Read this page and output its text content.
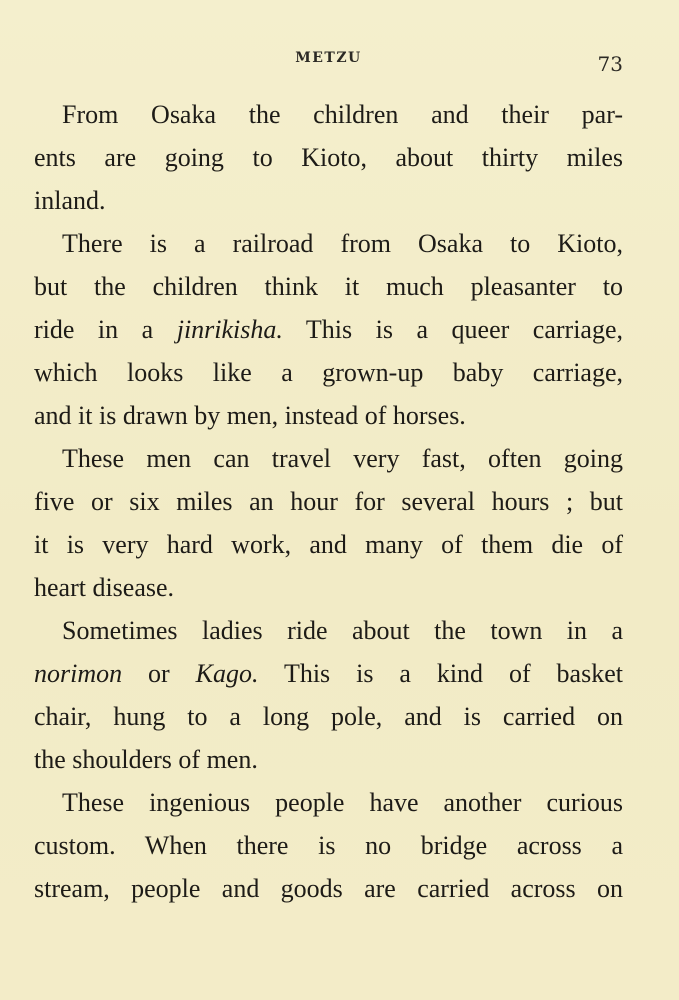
METZU	73
From Osaka the children and their par-
ents are going to Kioto, about thirty miles
inland.
There is a railroad from Osaka to Kioto,
but the children think it much pleasanter to
ride in a jinrikisha. This is a queer carriage,
which looks like a grown-up baby carriage,
and it is drawn by men, instead of horses.
These men can travel very fast, often going
five or six miles an hour for several hours ; but
it is very hard work, and many of them die of
heart disease.
Sometimes ladies ride about the town in a
norimon or Kago. This is a kind of basket
chair, hung to a long pole, and is carried on
the shoulders of men.
These ingenious people have another curious
custom. When there is no bridge across a
stream, people and goods are carried across on
